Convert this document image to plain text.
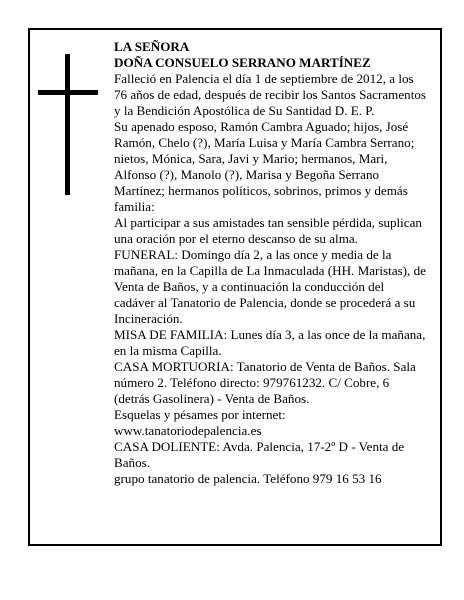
LA SEÑORA

DOÑA CONSUELO SERRANO MARTÍNEZ

Falleció en Palencia el día 1 de septiembre de 2012, a los 76 años de edad, después de recibir los Santos Sacramentos y la Bendición Apostólica de Su Santidad D. E. P.

Su apenado esposo, Ramón Cambra Aguado; hijos, José Ramón, Chelo (?), María Luisa y María Cambra Serrano; nietos, Mónica, Sara, Javi y Mario; hermanos, Mari, Alfonso (?), Manolo (?), Marisa y Begoña Serrano Martínez; hermanos políticos, sobrinos, primos y demás familia:

Al participar a sus amistades tan sensible pérdida, suplican una oración por el eterno descanso de su alma.

FUNERAL: Domingo día 2, a las once y media de la mañana, en la Capilla de La Inmaculada (HH. Maristas), de Venta de Baños, y a continuación la conducción del cadáver al Tanatorio de Palencia, donde se procederá a su Incineración.

MISA DE FAMILIA: Lunes día 3, a las once de la mañana, en la misma Capilla.

CASA MORTUORIA: Tanatorio de Venta de Baños. Sala número 2. Teléfono directo: 979761232. C/ Cobre, 6 (detrás Gasolinera) - Venta de Baños.

Esquelas y pésames por internet: www.tanatoriodepalencia.es

CASA DOLIENTE: Avda. Palencia, 17-2º D - Venta de Baños.

grupo tanatorio de palencia. Teléfono 979 16 53 16
